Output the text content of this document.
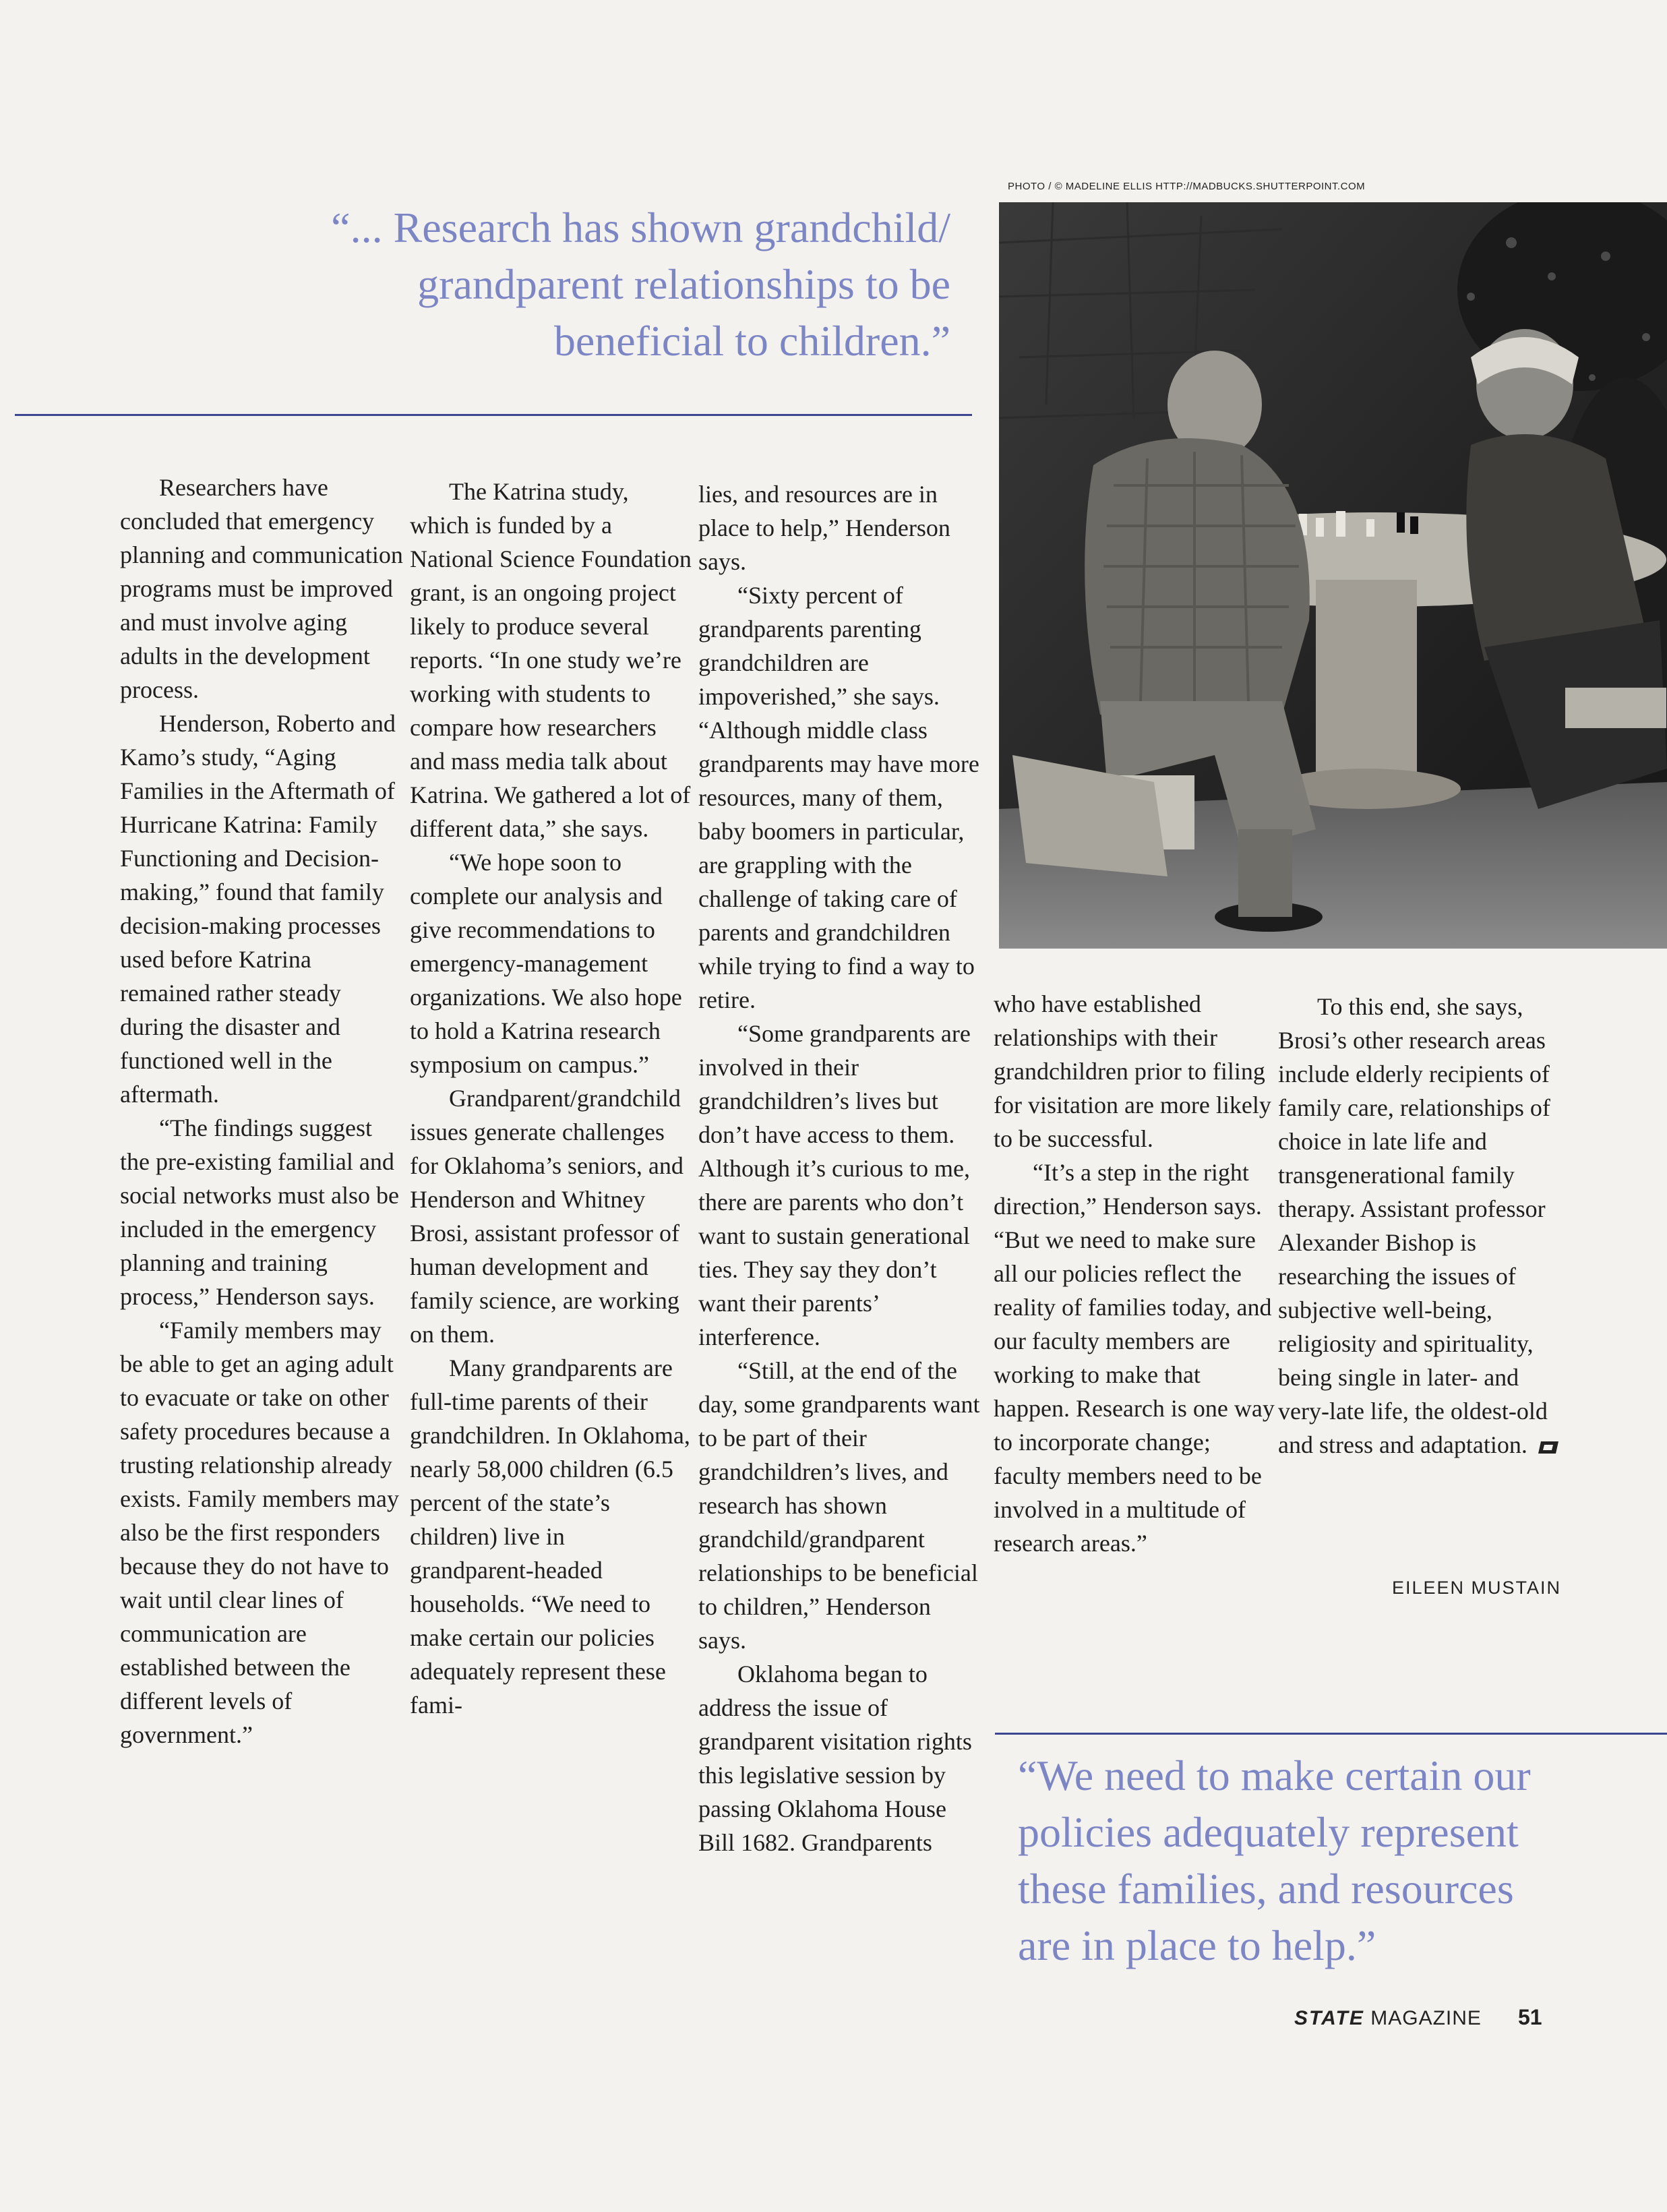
“... Research has shown grandchild/
grandparent relationships to be
beneficial to children.”
PHOTO / © MADELINE ELLIS HTTP://MADBUCKS.SHUTTERPOINT.COM

Researchers have concluded that emergency planning and communication programs must be improved and must involve aging adults in the development process.

Henderson, Roberto and Kamo’s study, “Aging Families in the Aftermath of Hurricane Katrina: Family Functioning and Decision-making,” found that family decision-making processes used before Katrina remained rather steady during the disaster and functioned well in the aftermath.

“The findings suggest the pre-existing familial and social networks must also be included in the emergency planning and training process,” Henderson says.

“Family members may be able to get an aging adult to evacuate or take on other safety procedures because a trusting relationship already exists. Family members may also be the first responders because they do not have to wait until clear lines of communication are established between the different levels of government.”

The Katrina study, which is funded by a National Science Foundation grant, is an ongoing project likely to produce several reports. “In one study we’re working with students to compare how researchers and mass media talk about Katrina. We gathered a lot of different data,” she says.

“We hope soon to complete our analysis and give recommendations to emergency-management organizations. We also hope to hold a Katrina research symposium on campus.”

Grandparent/grandchild issues generate challenges for Oklahoma’s seniors, and Henderson and Whitney Brosi, assistant professor of human development and family science, are working on them.

Many grandparents are full-time parents of their grandchildren. In Oklahoma, nearly 58,000 children (6.5 percent of the state’s children) live in grandparent-headed households. “We need to make certain our policies adequately represent these fami-

lies, and resources are in place to help,” Henderson says.

“Sixty percent of grandparents parenting grandchildren are impoverished,” she says. “Although middle class grandparents may have more resources, many of them, baby boomers in particular, are grappling with the challenge of taking care of parents and grandchildren while trying to find a way to retire.

“Some grandparents are involved in their grandchildren’s lives but don’t have access to them. Although it’s curious to me, there are parents who don’t want to sustain generational ties. They say they don’t want their parents’ interference.

“Still, at the end of the day, some grandparents want to be part of their grandchildren’s lives, and research has shown grandchild/grandparent relationships to be beneficial to children,” Henderson says.

Oklahoma began to address the issue of grandparent visitation rights this legislative session by passing Oklahoma House Bill 1682. Grandparents

who have established relationships with their grandchildren prior to filing for visitation are more likely to be successful.

“It’s a step in the right direction,” Henderson says. “But we need to make sure all our policies reflect the reality of families today, and our faculty members are working to make that happen. Research is one way to incorporate change; faculty members need to be involved in a multitude of research areas.”

To this end, she says, Brosi’s other research areas include elderly recipients of family care, relationships of choice in late life and transgenerational family therapy. Assistant professor Alexander Bishop is researching the issues of subjective well-being, religiosity and spirituality, being single in later- and very-late life, the oldest-old and stress and adaptation.

EILEEN MUSTAIN
“We need to make certain our
policies adequately represent
these families, and resources
are in place to help.”
STATE MAGAZINE 51
